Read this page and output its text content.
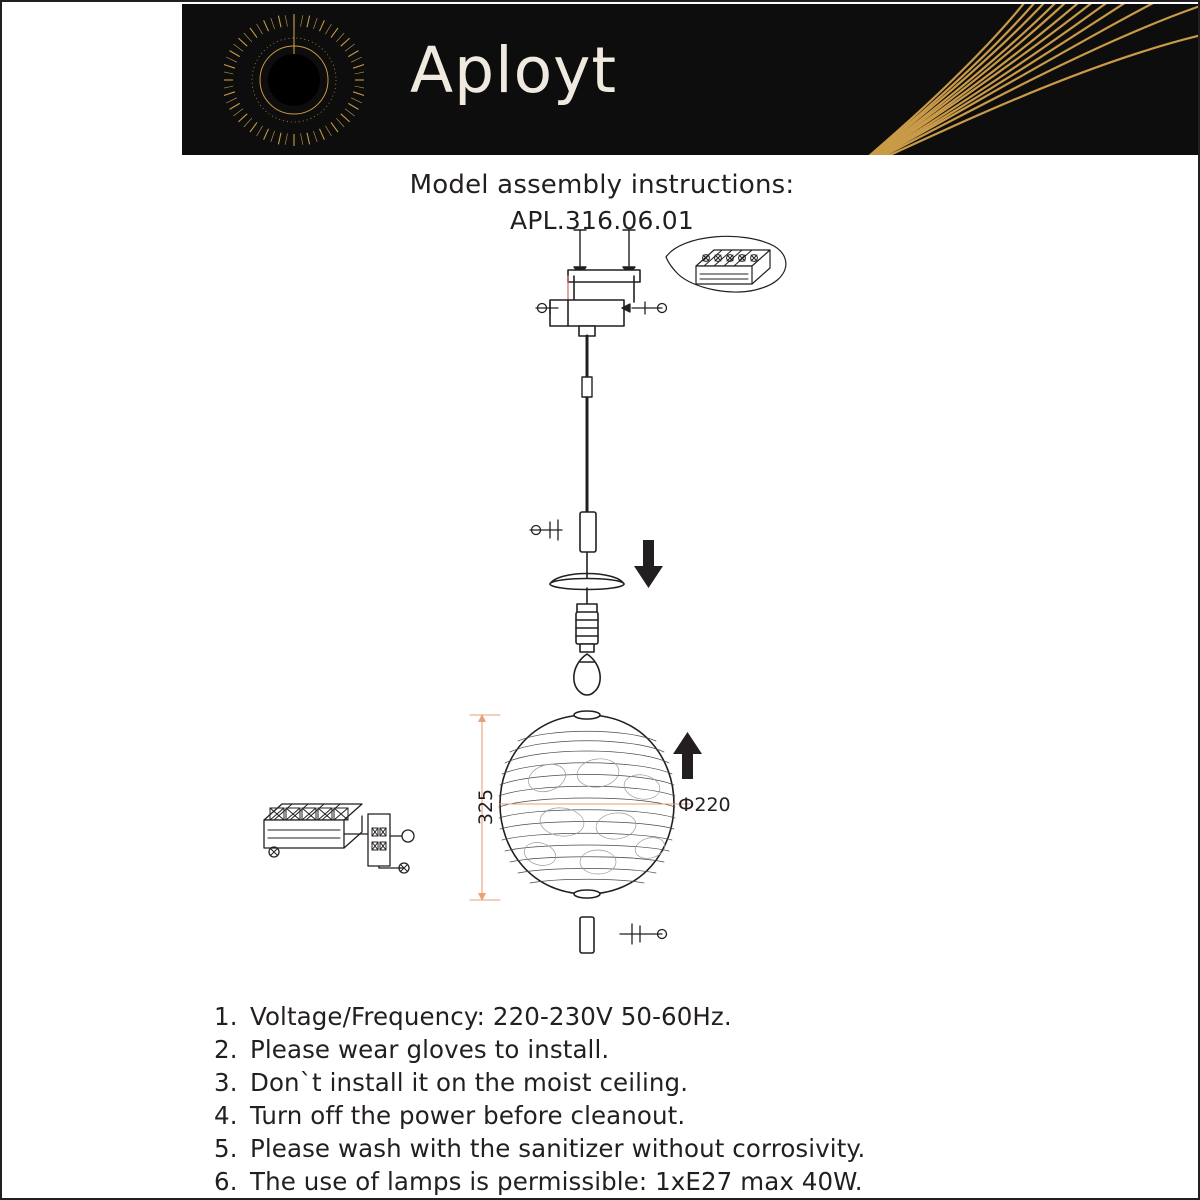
Aployt
Model assembly instructions:
APL.316.06.01
325	Ф220
1. Voltage/Frequency: 220-230V 50-60Hz.
2. Please wear gloves to install.
3. Don`t install it on the moist ceiling.
4. Turn off the power before cleanout.
5. Please wash with the sanitizer without corrosivity.
6. The use of lamps is permissible: 1xE27 max 40W.
